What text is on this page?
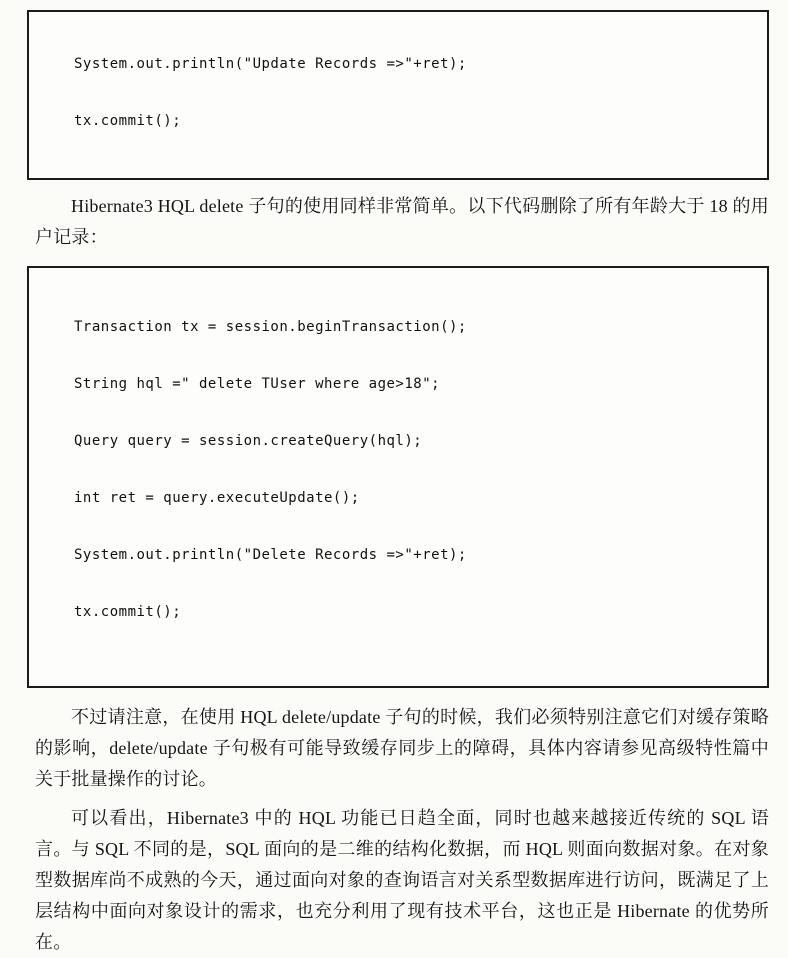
System.out.println("Update Records =>"+ret);

tx.commit();

Hibernate3 HQL delete 子句的使用同样非常简单。以下代码删除了所有年龄大于 18 的用户记录：

Transaction tx = session.beginTransaction();

String hql =" delete TUser where age>18";

Query query = session.createQuery(hql);

int ret = query.executeUpdate();

System.out.println("Delete Records =>"+ret);

tx.commit();

不过请注意，在使用 HQL delete/update 子句的时候，我们必须特别注意它们对缓存策略的影响，delete/update 子句极有可能导致缓存同步上的障碍，具体内容请参见高级特性篇中关于批量操作的讨论。

可以看出，Hibernate3 中的 HQL 功能已日趋全面，同时也越来越接近传统的 SQL 语言。与 SQL 不同的是，SQL 面向的是二维的结构化数据，而 HQL 则面向数据对象。在对象型数据库尚不成熟的今天，通过面向对象的查询语言对关系型数据库进行访问，既满足了上层结构中面向对象设计的需求，也充分利用了现有技术平台，这也正是 Hibernate 的优势所在。
